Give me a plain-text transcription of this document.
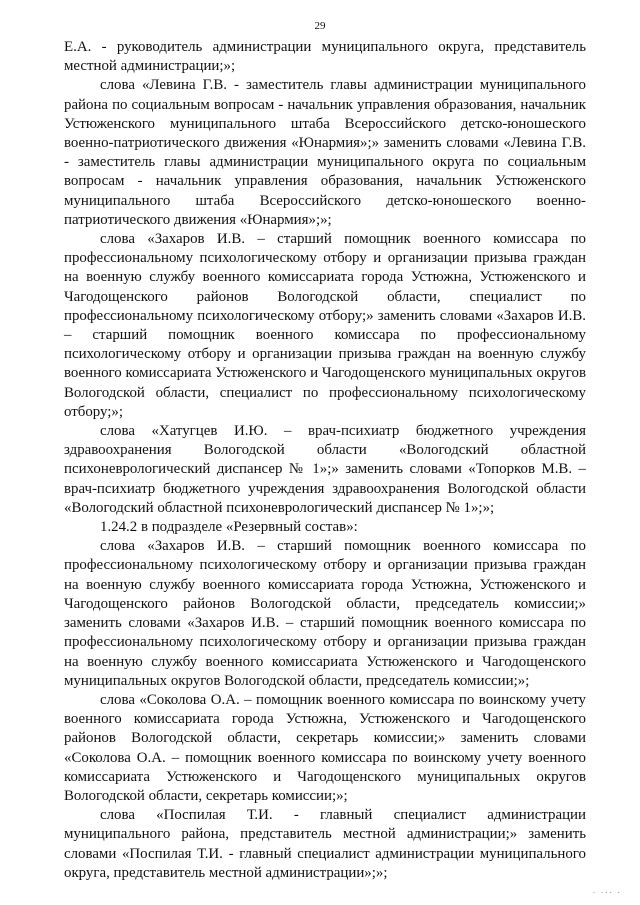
29

Е.А. - руководитель администрации муниципального округа, представитель местной администрации;»;

слова «Левина Г.В. - заместитель главы администрации муниципального района по социальным вопросам - начальник управления образования, начальник Устюженского муниципального штаба Всероссийского детско-юношеского военно-патриотического движения «Юнармия»;» заменить словами «Левина Г.В. - заместитель главы администрации муниципального округа по социальным вопросам - начальник управления образования, начальник Устюженского муниципального штаба Всероссийского детско-юношеского военно-патриотического движения «Юнармия»;»;

слова «Захаров И.В. – старший помощник военного комиссара по профессиональному психологическому отбору и организации призыва граждан на военную службу военного комиссариата города Устюжна, Устюженского и Чагодощенского районов Вологодской области, специалист по профессиональному психологическому отбору;» заменить словами «Захаров И.В. – старший помощник военного комиссара по профессиональному психологическому отбору и организации призыва граждан на военную службу военного комиссариата Устюженского и Чагодощенского муниципальных округов Вологодской области, специалист по профессиональному психологическому отбору;»;

слова «Хатугцев И.Ю. – врач-психиатр бюджетного учреждения здравоохранения Вологодской области «Вологодский областной психоневрологический диспансер № 1»;» заменить словами «Топорков М.В. – врач-психиатр бюджетного учреждения здравоохранения Вологодской области «Вологодский областной психоневрологический диспансер № 1»;»;

1.24.2 в подразделе «Резервный состав»:

слова «Захаров И.В. – старший помощник военного комиссара по профессиональному психологическому отбору и организации призыва граждан на военную службу военного комиссариата города Устюжна, Устюженского и Чагодощенского районов Вологодской области, председатель комиссии;» заменить словами «Захаров И.В. – старший помощник военного комиссара по профессиональному психологическому отбору и организации призыва граждан на военную службу военного комиссариата Устюженского и Чагодощенского муниципальных округов Вологодской области, председатель комиссии;»;

слова «Соколова О.А. – помощник военного комиссара по воинскому учету военного комиссариата города Устюжна, Устюженского и Чагодощенского районов Вологодской области, секретарь комиссии;» заменить словами «Соколова О.А. – помощник военного комиссара по воинскому учету военного комиссариата Устюженского и Чагодощенского муниципальных округов Вологодской области, секретарь комиссии;»;

слова «Поспилая Т.И. - главный специалист администрации муниципального района, представитель местной администрации;» заменить словами «Поспилая Т.И. - главный специалист администрации муниципального округа, представитель местной администрации»;»;

· ··· ·
